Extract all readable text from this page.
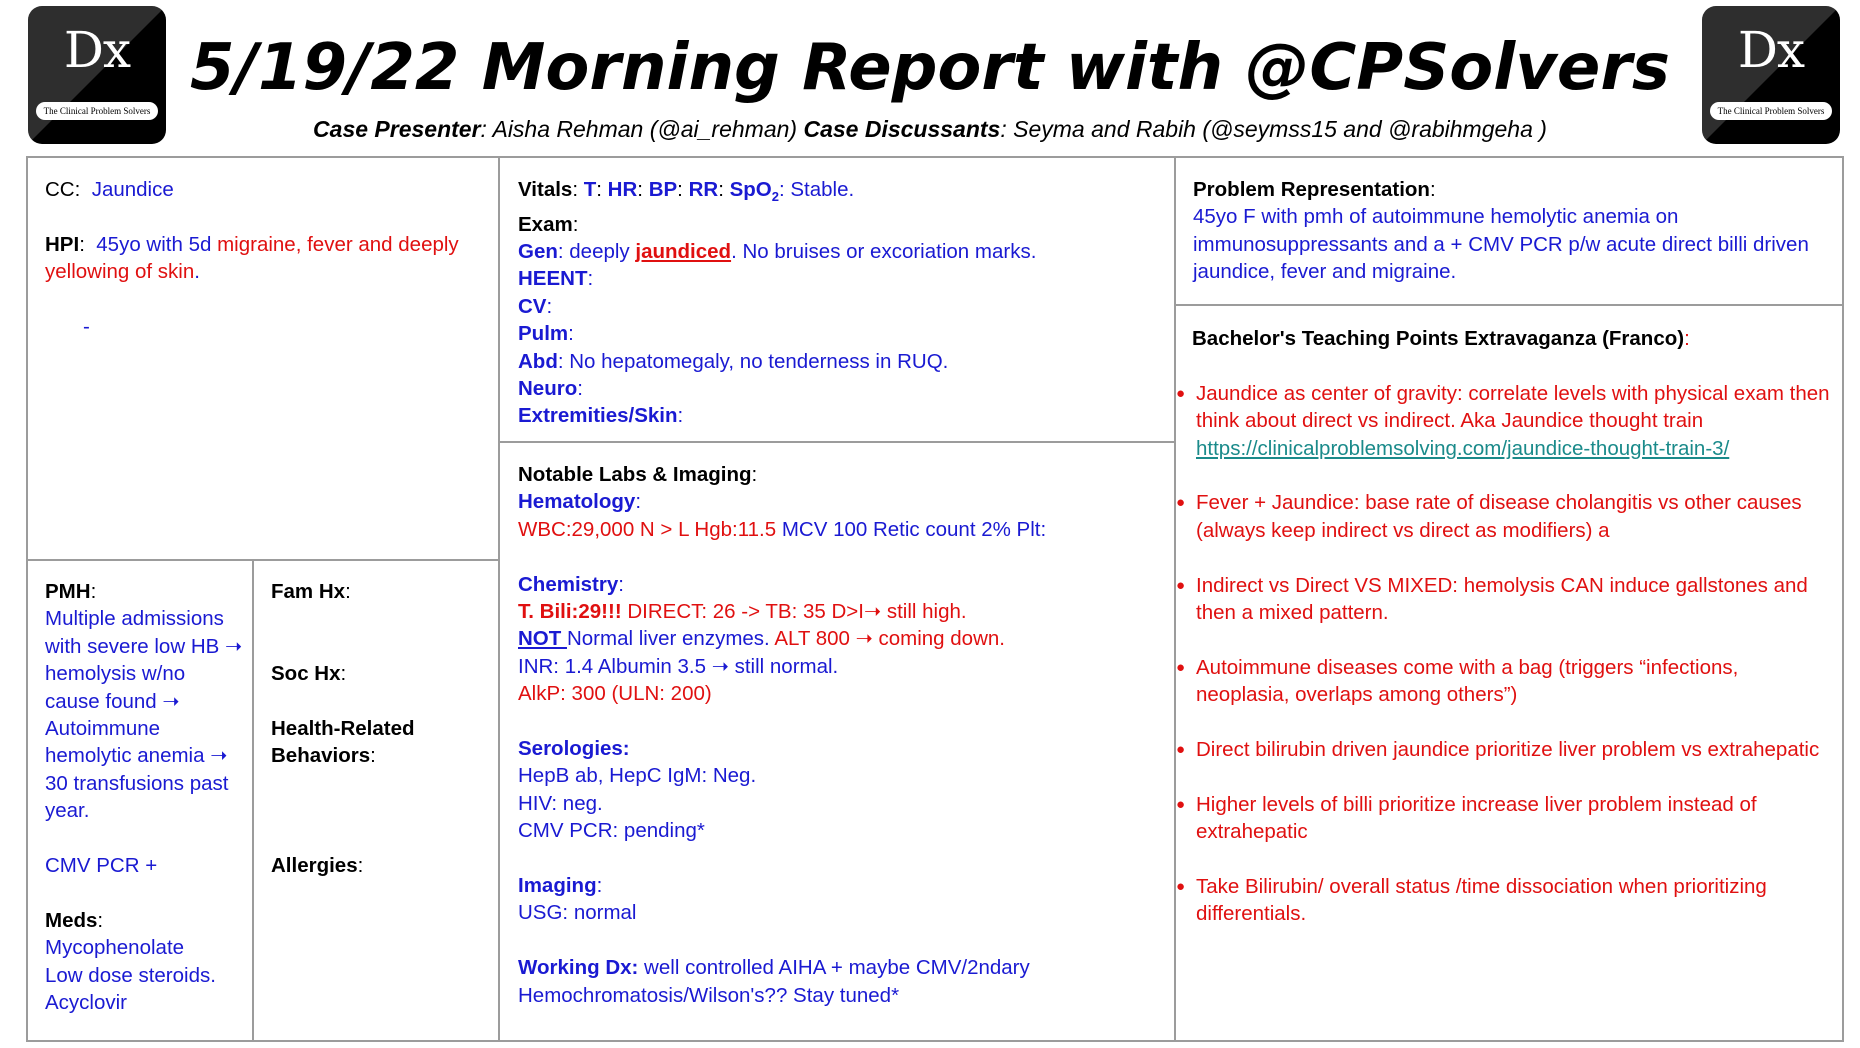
Dx
The Clinical Problem Solvers
Dx
The Clinical Problem Solvers
5/19/22 Morning Report with @CPSolvers
Case Presenter: Aisha Rehman (@ai_rehman) Case Discussants: Seyma and Rabih (@seymss15 and @rabihmgeha )
CC:  Jaundice
HPI:  45yo with 5d migraine, fever and deeply yellowing of skin.
-
PMH:
Multiple admissions with severe low HB ➝ hemolysis w/no cause found ➝ Autoimmune hemolytic anemia ➝ 30 transfusions past year.
CMV PCR +
Meds:
Mycophenolate
Low dose steroids.
Acyclovir
Fam Hx:
Soc Hx:
Health-Related Behaviors:
Allergies:
Vitals: T: HR: BP: RR: SpO$_2$: Stable.
Exam:
Gen: deeply jaundiced. No bruises or excoriation marks.
HEENT:
CV:
Pulm:
Abd: No hepatomegaly, no tenderness in RUQ.
Neuro:
Extremities/Skin:
Notable Labs & Imaging:
Hematology:
WBC:29,000 N > L Hgb:11.5 MCV 100 Retic count 2% Plt:
Chemistry:
T. Bili:29!!! DIRECT: 26 -> TB: 35 D>I➝ still high.
NOT Normal liver enzymes. ALT 800 ➝ coming down.
INR: 1.4 Albumin 3.5 ➝ still normal.
AlkP: 300 (ULN: 200)
Serologies:
HepB ab, HepC IgM: Neg.
HIV: neg.
CMV PCR: pending*
Imaging:
USG: normal
Working Dx: well controlled AIHA + maybe CMV/2ndary Hemochromatosis/Wilson's?? Stay tuned*
Problem Representation:
45yo F with pmh of autoimmune hemolytic anemia on immunosuppressants and a + CMV PCR p/w acute direct billi driven jaundice, fever and migraine.
Bachelor's Teaching Points Extravaganza (Franco):
● Jaundice as center of gravity: correlate levels with physical exam then think about direct vs indirect. Aka Jaundice thought train https://clinicalproblemsolving.com/jaundice-thought-train-3/
● Fever + Jaundice: base rate of disease cholangitis vs other causes (always keep indirect vs direct as modifiers) a
● Indirect vs Direct VS MIXED: hemolysis CAN induce gallstones and then a mixed pattern.
● Autoimmune diseases come with a bag (triggers “infections, neoplasia, overlaps among others”)
● Direct bilirubin driven jaundice prioritize liver problem vs extrahepatic
● Higher levels of billi prioritize increase liver problem instead of extrahepatic
● Take Bilirubin/ overall status /time dissociation when prioritizing differentials.
